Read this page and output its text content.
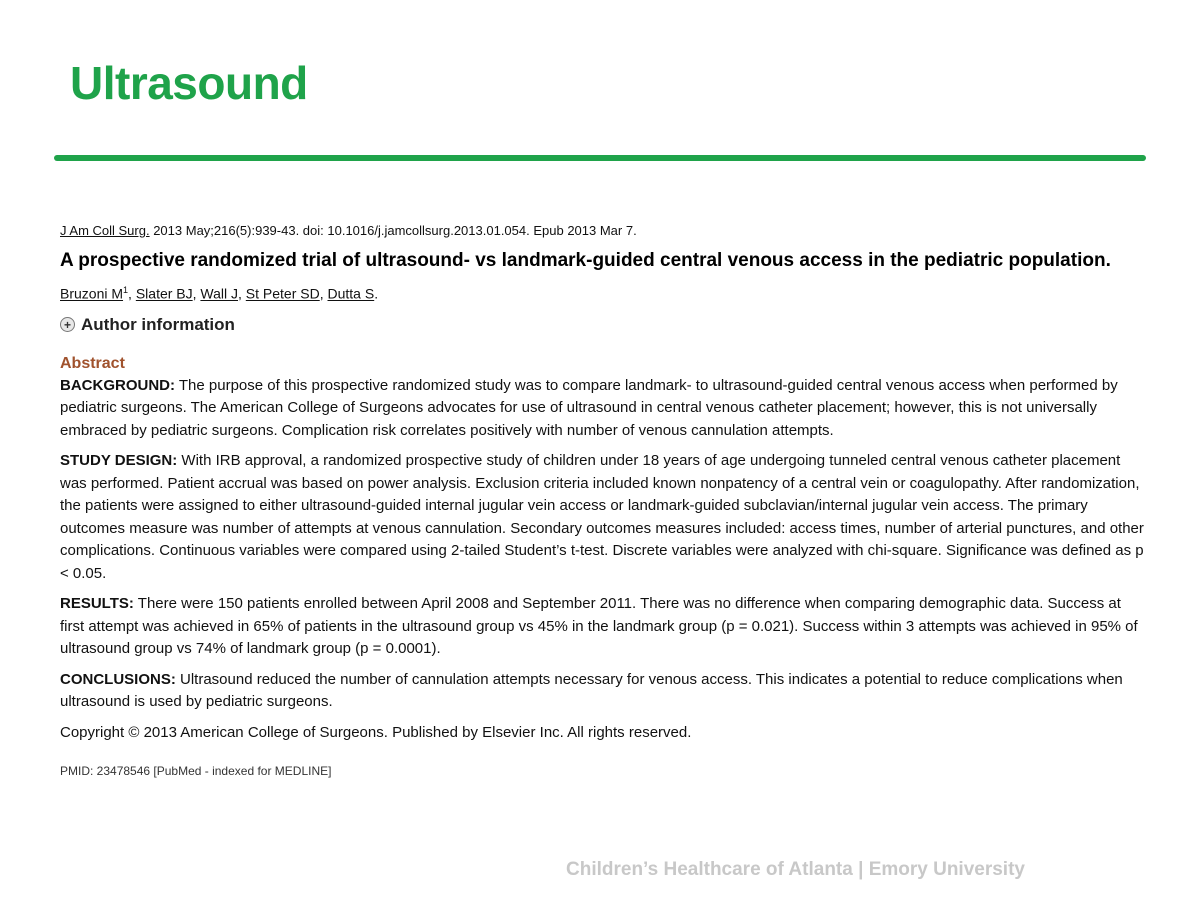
Ultrasound
J Am Coll Surg. 2013 May;216(5):939-43. doi: 10.1016/j.jamcollsurg.2013.01.054. Epub 2013 Mar 7.
A prospective randomized trial of ultrasound- vs landmark-guided central venous access in the pediatric population.
Bruzoni $M^1$, Slater BJ, Wall J, St Peter SD, Dutta S.
+ Author information
Abstract

BACKGROUND: The purpose of this prospective randomized study was to compare landmark- to ultrasound-guided central venous access when performed by pediatric surgeons. The American College of Surgeons advocates for use of ultrasound in central venous catheter placement; however, this is not universally embraced by pediatric surgeons. Complication risk correlates positively with number of venous cannulation attempts.

STUDY DESIGN: With IRB approval, a randomized prospective study of children under 18 years of age undergoing tunneled central venous catheter placement was performed. Patient accrual was based on power analysis. Exclusion criteria included known nonpatency of a central vein or coagulopathy. After randomization, the patients were assigned to either ultrasound-guided internal jugular vein access or landmark-guided subclavian/internal jugular vein access. The primary outcomes measure was number of attempts at venous cannulation. Secondary outcomes measures included: access times, number of arterial punctures, and other complications. Continuous variables were compared using 2-tailed Student’s t-test. Discrete variables were analyzed with chi-square. Significance was defined as p < 0.05.

RESULTS: There were 150 patients enrolled between April 2008 and September 2011. There was no difference when comparing demographic data. Success at first attempt was achieved in 65% of patients in the ultrasound group vs 45% in the landmark group (p = 0.021). Success within 3 attempts was achieved in 95% of ultrasound group vs 74% of landmark group (p = 0.0001).

CONCLUSIONS: Ultrasound reduced the number of cannulation attempts necessary for venous access. This indicates a potential to reduce complications when ultrasound is used by pediatric surgeons.

Copyright © 2013 American College of Surgeons. Published by Elsevier Inc. All rights reserved.
PMID: 23478546 [PubMed - indexed for MEDLINE]
Children’s Healthcare of Atlanta | Emory University
